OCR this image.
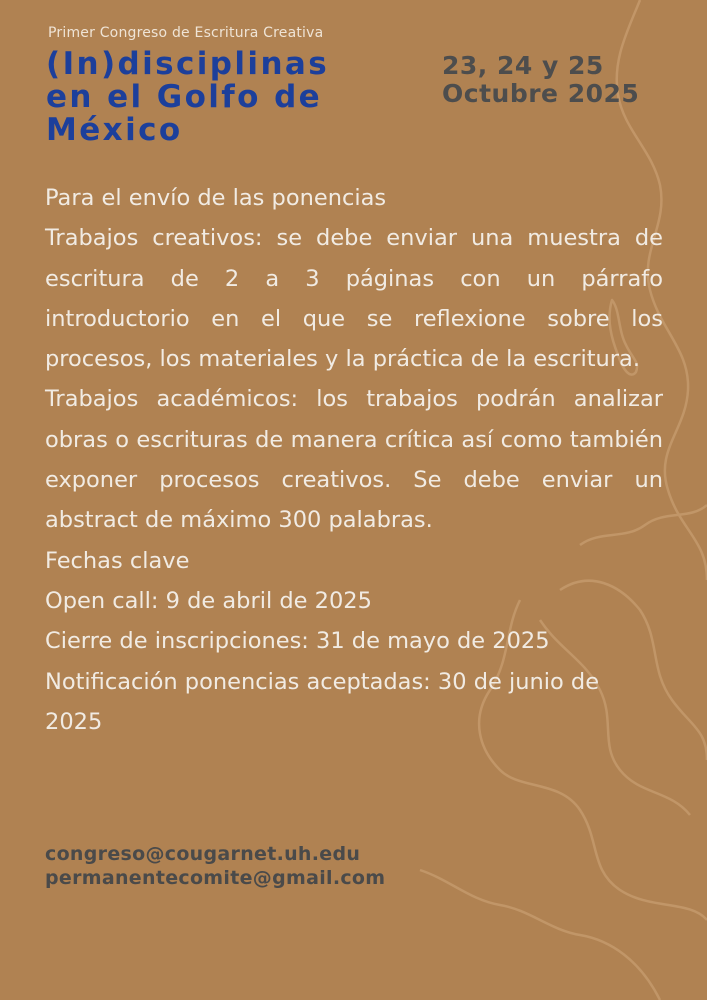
Primer Congreso de Escritura Creativa
(In)disciplinas
en el Golfo de
México
23, 24 y 25
Octubre 2025

Para el envío de las ponencias

Trabajos creativos: se debe enviar una muestra de escritura de 2 a 3 páginas con un párrafo introductorio en el que se reflexione sobre los procesos, los materiales y la práctica de la escritura.

Trabajos académicos: los trabajos podrán analizar obras o escrituras de manera crítica así como también exponer procesos creativos. Se debe enviar un abstract de máximo 300 palabras.

Fechas clave

Open call: 9 de abril de 2025

Cierre de inscripciones: 31 de mayo de 2025

Notificación ponencias aceptadas: 30 de junio de 2025

congreso@cougarnet.uh.edu
permanentecomite@gmail.com
